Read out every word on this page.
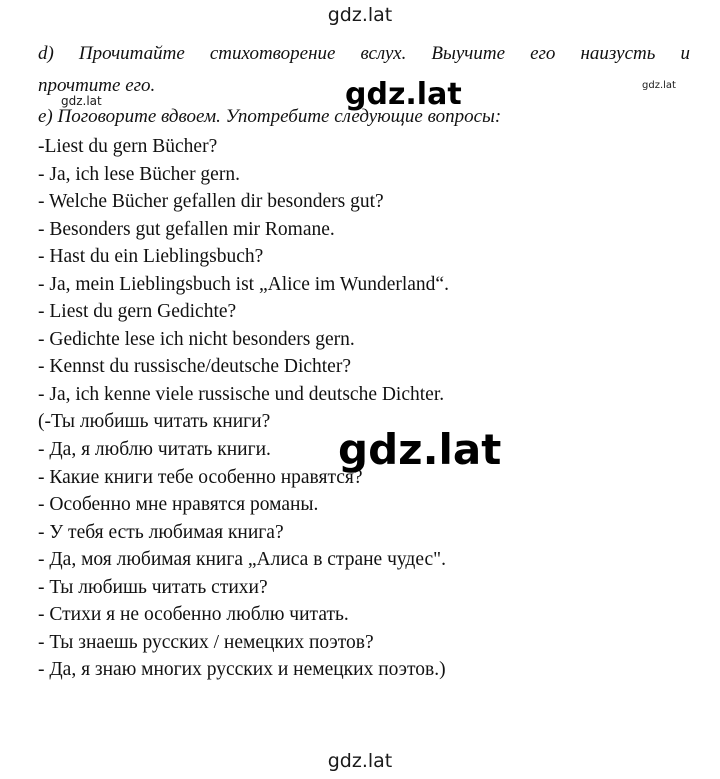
gdz.lat
d) Прочитайте стихотворение вслух. Выучите его наизусть и
прочтите его.	gdz.lat	gdz.lat
gdz.lat
e) Поговорите вдвоем. Употребите следующие вопросы:
-Liest du gern Bücher?
- Ja, ich lese Bücher gern.
- Welche Bücher gefallen dir besonders gut?
- Besonders gut gefallen mir Romane.
- Hast du ein Lieblingsbuch?
- Ja, mein Lieblingsbuch ist „Alice im Wunderland“.
- Liest du gern Gedichte?
- Gedichte lese ich nicht besonders gern.
- Kennst du russische/deutsche Dichter?
- Ja, ich kenne viele russische und deutsche Dichter.
(-Ты любишь читать книги?
- Да, я люблю читать книги.
- Какие книги тебе особенно нравятся?
- Особенно мне нравятся романы.
- У тебя есть любимая книга?
- Да, моя любимая книга „Алиса в стране чудес".
- Ты любишь читать стихи?
- Стихи я не особенно люблю читать.
- Ты знаешь русских / немецких поэтов?
- Да, я знаю многих русских и немецких поэтов.)
gdz.lat
gdz.lat
